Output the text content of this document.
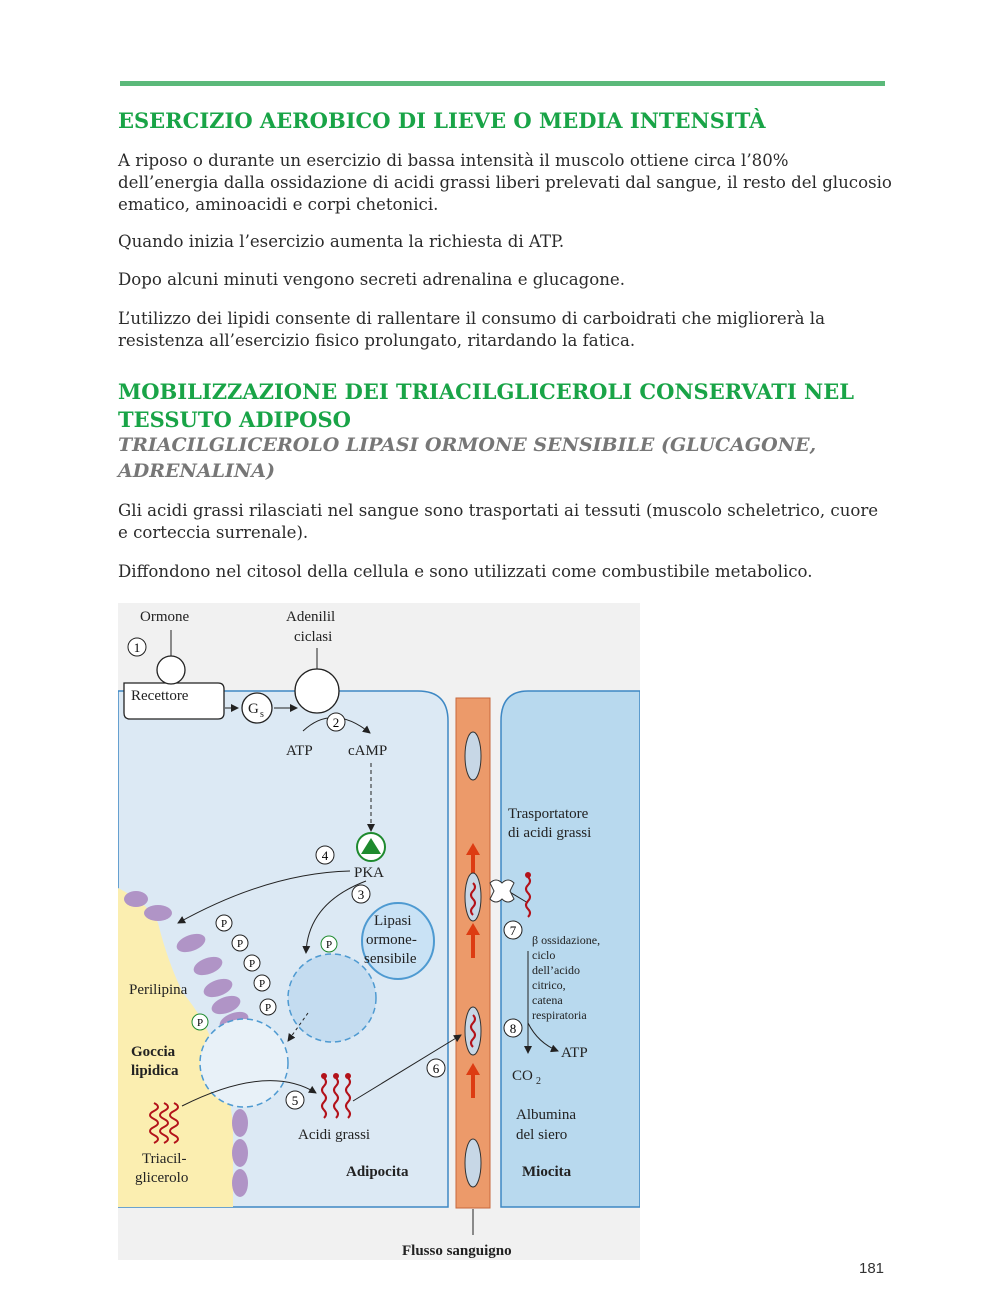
ESERCIZIO AEROBICO DI LIEVE O MEDIA INTENSITÀ

A riposo o durante un esercizio di bassa intensità il muscolo ottiene circa l’80% dell’energia dalla ossidazione di acidi grassi liberi prelevati dal sangue, il resto del glucosio ematico, aminoacidi e corpi chetonici.

Quando inizia l’esercizio aumenta la richiesta di ATP.

Dopo alcuni minuti vengono secreti adrenalina e glucagone.

L’utilizzo dei lipidi consente di rallentare il consumo di carboidrati che migliorerà la resistenza all’esercizio fisico prolungato, ritardando la fatica.

MOBILIZZAZIONE DEI TRIACILGLICEROLI CONSERVATI NEL TESSUTO ADIPOSO
TRIACILGLICEROLO LIPASI ORMONE SENSIBILE (GLUCAGONE, ADRENALINA)

Gli acidi grassi rilasciati nel sangue sono trasportati ai tessuti (muscolo scheletrico, cuore e corteccia surrenale).

Diffondono nel citosol della cellula e sono utilizzati come combustibile metabolico.

P
P
P
P
P
P
P
1
2
3
4
5
6
7
8
Ormone	Adenilil
ciclasi
Recettore
G s
ATP cAMP
PKA
Lipasi
ormone-
sensibile
Perilipina
Goccia
lipidica
Triacil-
glicerolo
Acidi grassi
Adipocita	Miocita
Trasportatore
di acidi grassi
ATP
CO 2
Albumina
del siero
Flusso sanguigno
β ossidazione,
ciclo
dell’acido
citrico,
catena
respiratoria
181
